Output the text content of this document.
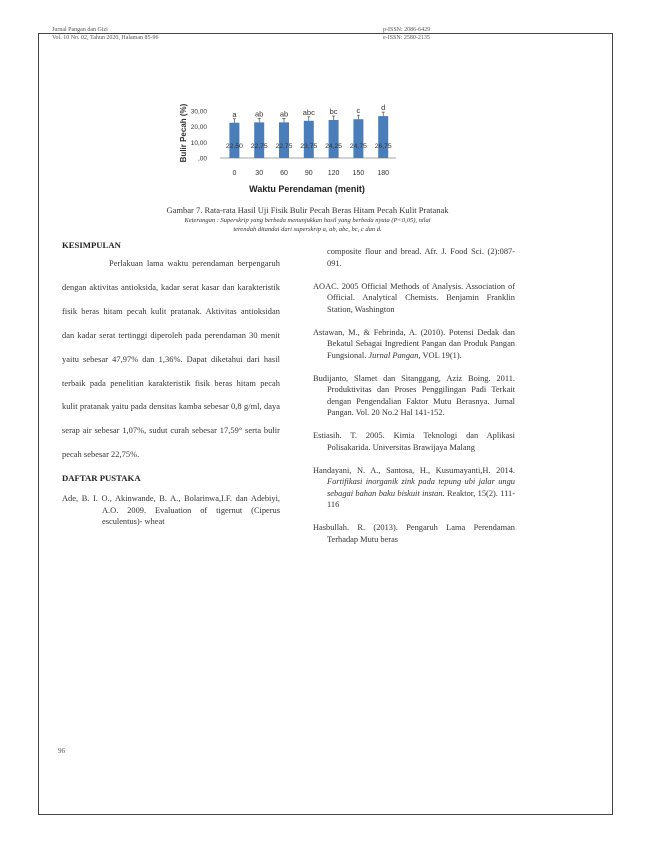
Jurnal Pangan dan Gizi
Vol. 10 No. 02, Tahun 2020, Halaman 85-96
p-ISSN: 2086-6429
e-ISSN: 2580-2135
Bulir Pecah (%)
Waktu Perendaman (menit)
,00
10,00
20,00
30,00	a
22,50
0
ab
22,75
30
ab
22,75
60
abc
23,75
90
bc
24,25
120
c
24,75
150
d
26,75
180
Gambar 7. Rata-rata Hasil Uji Fisik Bulir Pecah Beras Hitam Pecah Kulit Pratanak
Keterangan : Superskrip yang berbeda menunjukkan hasil yang berbeda nyata (P<0,05), nilai
terendah ditandai dari superskrip a, ab, abc, bc, c dan d.

KESIMPULAN

Perlakuan lama waktu perendaman berpengaruh dengan aktivitas antioksida, kadar serat kasar dan karakteristik fisik beras hitam pecah kulit pratanak. Aktivitas antioksidan dan kadar serat tertinggi diperoleh pada perendaman 30 menit yaitu sebesar 47,97% dan 1,36%. Dapat diketahui dari hasil terbaik pada penelitian karakteristik fisik beras hitam pecah kulit pratanak yaitu pada densitas kamba sebesar 0,8 g/ml, daya serap air sebesar 1,07%, sudut curah sebesar 17,59° serta bulir pecah sebesar 22,75%.

DAFTAR PUSTAKA

Ade, B. I. O., Akinwande, B. A., Bolarinwa,I.F. dan Adebiyi, A.O. 2009. Evaluation of tigernut (Ciperus esculentus)- wheat

composite flour and bread. Afr. J. Food Sci. (2):087-091.

AOAC. 2005 Official Methods of Analysis. Association of Official. Analytical Chemists. Benjamin Franklin Station, Washington

Astawan, M., & Febrinda, A. (2010). Potensi Dedak dan Bekatul Sebagai Ingredient Pangan dan Produk Pangan Fungsional. Jurnal Pangan, VOL 19(1).

Budijanto, Slamet dan Sitanggang, Aziz Boing. 2011. Produktivitas dan Proses Penggilingan Padi Terkait dengan Pengendalian Faktor Mutu Berasnya. Jurnal Pangan. Vol. 20 No.2 Hal 141-152.

Estiasih. T. 2005. Kimia Teknologi dan Aplikasi Polisakarida. Universitas Brawijaya Malang

Handayani, N. A., Santosa, H., Kusumayanti,H. 2014. Fortifikasi inorganik zink pada tepung ubi jalar ungu sebagai bahan baku biskuit instan. Reaktor, 15(2). 111-116

Hasbullah. R. (2013). Pengaruh Lama Perendaman Terhadap Mutu beras

96
